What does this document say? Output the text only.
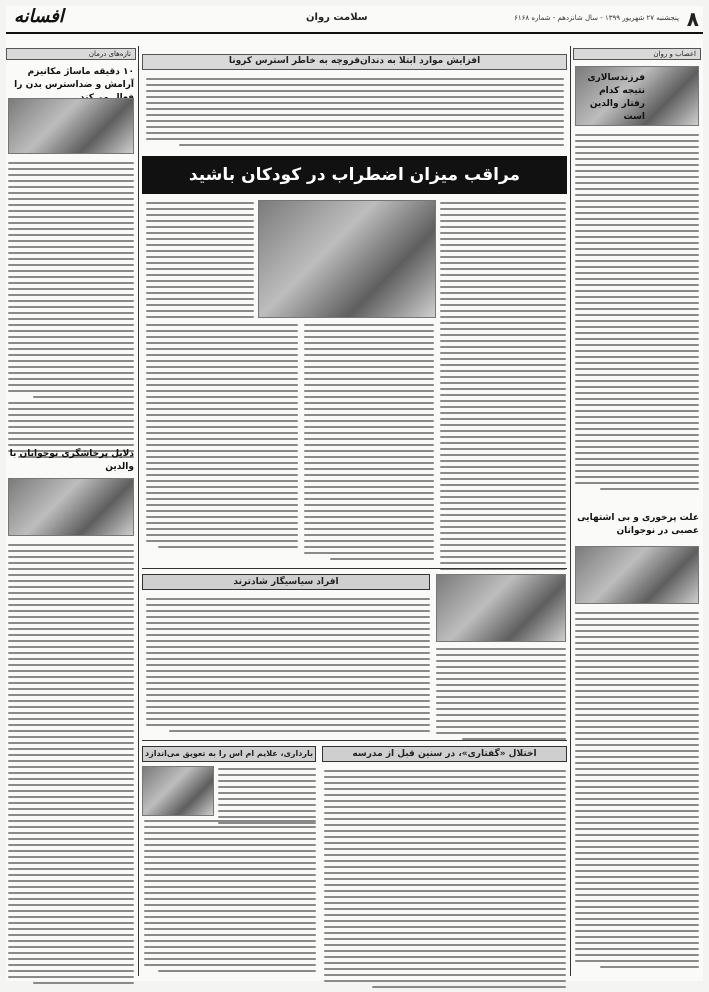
۸
پنجشنبه ۲۷ شهریور ۱۳۹۹ - سال شانزدهم - شماره ۶۱۶۸
سلامت روان
افسانه
افزایش موارد ابتلا به دندان‌قروچه به خاطر استرس کرونا
تازه‌های درمان
۱۰ دقیقه ماساژ مکانیزم آرامش و ضداسترس بدن را
دلایل پرخاشگری نوجوانان با والدین
اعصاب و روان
فرزندسالاری نتیجه کدام رفتار والدین است
علت پرخوری و بی اشتهایی عصبی در نوجوانان
مراقب میزان اضطراب در کودکان باشید
افراد سیاسیگار شادترند
اختلال «گفتاری»، در سنین قبل از مدرسه
بارداری، علایم ام اس را به تعویق می‌اندازد
